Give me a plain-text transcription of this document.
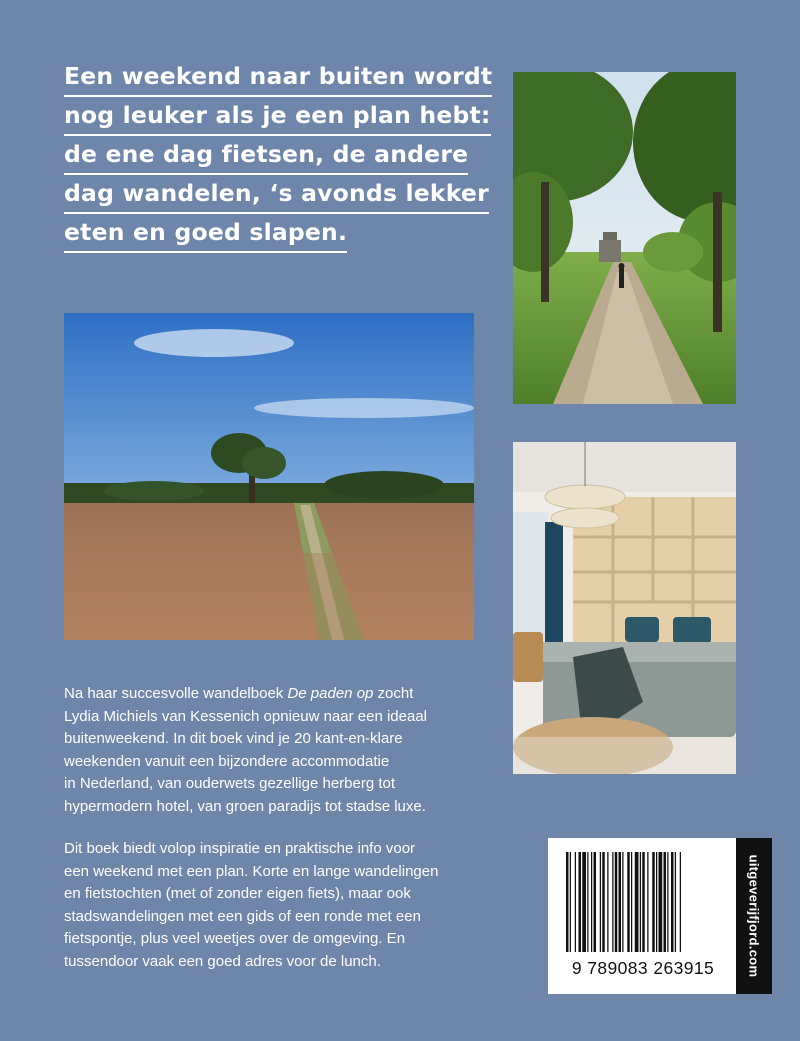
Een weekend naar buiten wordt
nog leuker als je een plan hebt:
de ene dag fietsen, de andere
dag wandelen, ‘s avonds lekker
eten en goed slapen.
Na haar succesvolle wandelboek De paden op zocht
Lydia Michiels van Kessenich opnieuw naar een ideaal
buitenweekend. In dit boek vind je 20 kant-en-klare
weekenden vanuit een bijzondere accommodatie
in Nederland, van ouderwets gezellige herberg tot
hypermodern hotel, van groen paradijs tot stadse luxe.
Dit boek biedt volop inspiratie en praktische info voor
een weekend met een plan. Korte en lange wandelingen
en fietstochten (met of zonder eigen fiets), maar ook
stadswandelingen met een gids of een ronde met een
fietspontje, plus veel weetjes over de omgeving. En
tussendoor vaak een goed adres voor de lunch.	9 789083 263915	uitgeverijfjord.com
